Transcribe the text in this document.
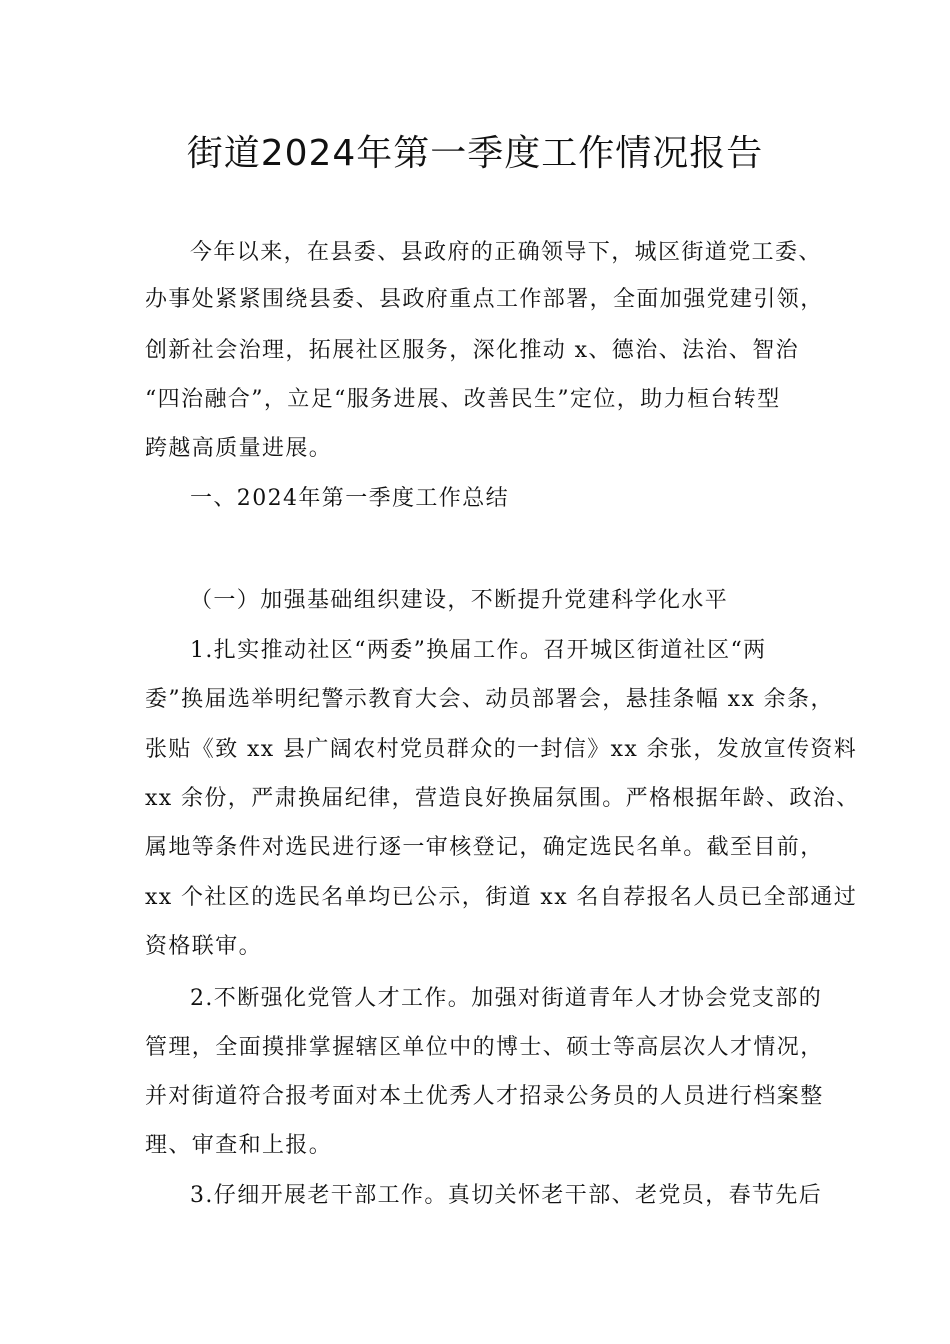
街道2024年第一季度工作情况报告
今年以来，在县委、县政府的正确领导下，城区街道党工委、
办事处紧紧围绕县委、县政府重点工作部署，全面加强党建引领，
创新社会治理，拓展社区服务，深化推动 x、德治、法治、智治
“四治融合”，立足“服务进展、改善民生”定位，助力桓台转型
跨越高质量进展。
一、2024年第一季度工作总结
（一）加强基础组织建设，不断提升党建科学化水平
1.扎实推动社区“两委”换届工作。召开城区街道社区“两
委”换届选举明纪警示教育大会、动员部署会，悬挂条幅 xx 余条，
张贴《致 xx 县广阔农村党员群众的一封信》xx 余张，发放宣传资料
xx 余份，严肃换届纪律，营造良好换届氛围。严格根据年龄、政治、
属地等条件对选民进行逐一审核登记，确定选民名单。截至目前，
xx 个社区的选民名单均已公示，街道 xx 名自荐报名人员已全部通过
资格联审。
2.不断强化党管人才工作。加强对街道青年人才协会党支部的
管理，全面摸排掌握辖区单位中的博士、硕士等高层次人才情况，
并对街道符合报考面对本土优秀人才招录公务员的人员进行档案整
理、审查和上报。
3.仔细开展老干部工作。真切关怀老干部、老党员，春节先后
